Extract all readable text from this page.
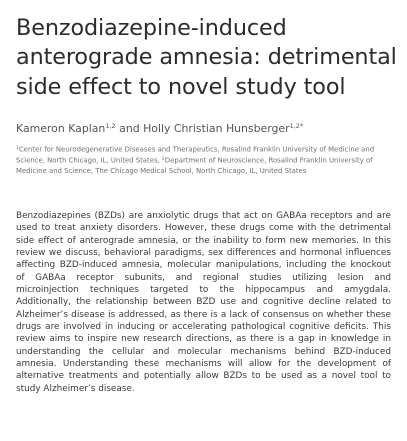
Benzodiazepine-induced
anterograde amnesia: detrimental
side effect to novel study tool
Kameron Kaplan$^{1,2}$ and Holly Christian Hunsberger$^{1,2*}$
$^1$Center for Neurodegenerative Diseases and Therapeutics, Rosalind Franklin University of Medicine and
Science, North Chicago, IL, United States, $^2$Department of Neuroscience, Rosalind Franklin University of
Medicine and Science, The Chicago Medical School, North Chicago, IL, United States
Benzodiazepines (BZDs) are anxiolytic drugs that act on GABAa receptors and are
used to treat anxiety disorders. However, these drugs come with the detrimental
side effect of anterograde amnesia, or the inability to form new memories. In this
review we discuss, behavioral paradigms, sex differences and hormonal influences
affecting BZD-induced amnesia, molecular manipulations, including the knockout
of GABAa receptor subunits, and regional studies utilizing lesion and
microinjection techniques targeted to the hippocampus and amygdala.
Additionally, the relationship between BZD use and cognitive decline related to
Alzheimer’s disease is addressed, as there is a lack of consensus on whether these
drugs are involved in inducing or accelerating pathological cognitive deficits. This
review aims to inspire new research directions, as there is a gap in knowledge in
understanding the cellular and molecular mechanisms behind BZD-induced
amnesia. Understanding these mechanisms will allow for the development of
alternative treatments and potentially allow BZDs to be used as a novel tool to
study Alzheimer’s disease.
